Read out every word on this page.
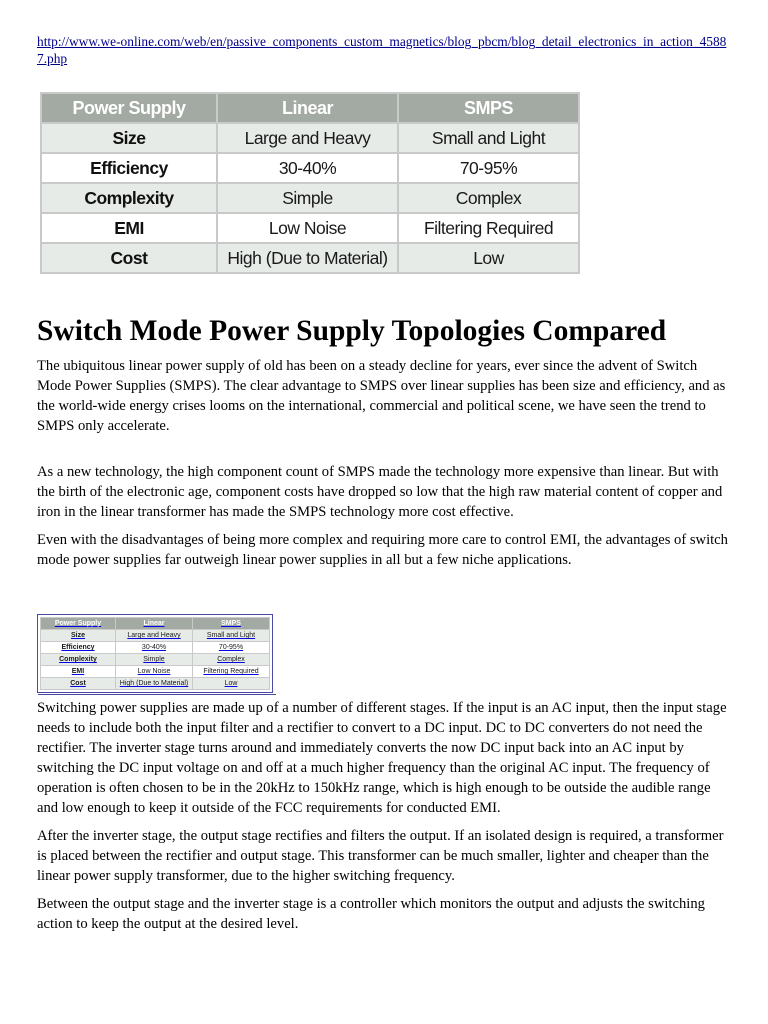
http://www.we-online.com/web/en/passive_components_custom_magnetics/blog_pbcm/blog_detail_electronics_in_action_45887.php
Power Supply	Linear	SMPS
Size	Large and Heavy	Small and Light
Efficiency	30-40%	70-95%
Complexity	Simple	Complex
EMI	Low Noise	Filtering Required
Cost	High (Due to Material)	Low
Switch Mode Power Supply Topologies Compared

The ubiquitous linear power supply of old has been on a steady decline for years, ever since the advent of Switch Mode Power Supplies (SMPS). The clear advantage to SMPS over linear supplies has been size and efficiency, and as the world-wide energy crises looms on the international, commercial and political scene, we have seen the trend to SMPS only accelerate.

As a new technology, the high component count of SMPS made the technology more expensive than linear. But with the birth of the electronic age, component costs have dropped so low that the high raw material content of copper and iron in the linear transformer has made the SMPS technology more cost effective.

Even with the disadvantages of being more complex and requiring more care to control EMI, the advantages of switch mode power supplies far outweigh linear power supplies in all but a few niche applications.

Power Supply	Linear	SMPS
Size	Large and Heavy	Small and Light
Efficiency	30-40%	70-95%
Complexity	Simple	Complex
EMI	Low Noise	Filtering Required
Cost	High (Due to Material)	Low

Switching power supplies are made up of a number of different stages. If the input is an AC input, then the input stage needs to include both the input filter and a rectifier to convert to a DC input. DC to DC converters do not need the rectifier. The inverter stage turns around and immediately converts the now DC input back into an AC input by switching the DC input voltage on and off at a much higher frequency than the original AC input. The frequency of operation is often chosen to be in the 20kHz to 150kHz range, which is high enough to be outside the audible range and low enough to keep it outside of the FCC requirements for conducted EMI.

After the inverter stage, the output stage rectifies and filters the output. If an isolated design is required, a transformer is placed between the rectifier and output stage. This transformer can be much smaller, lighter and cheaper than the linear power supply transformer, due to the higher switching frequency.

Between the output stage and the inverter stage is a controller which monitors the output and adjusts the switching action to keep the output at the desired level.
